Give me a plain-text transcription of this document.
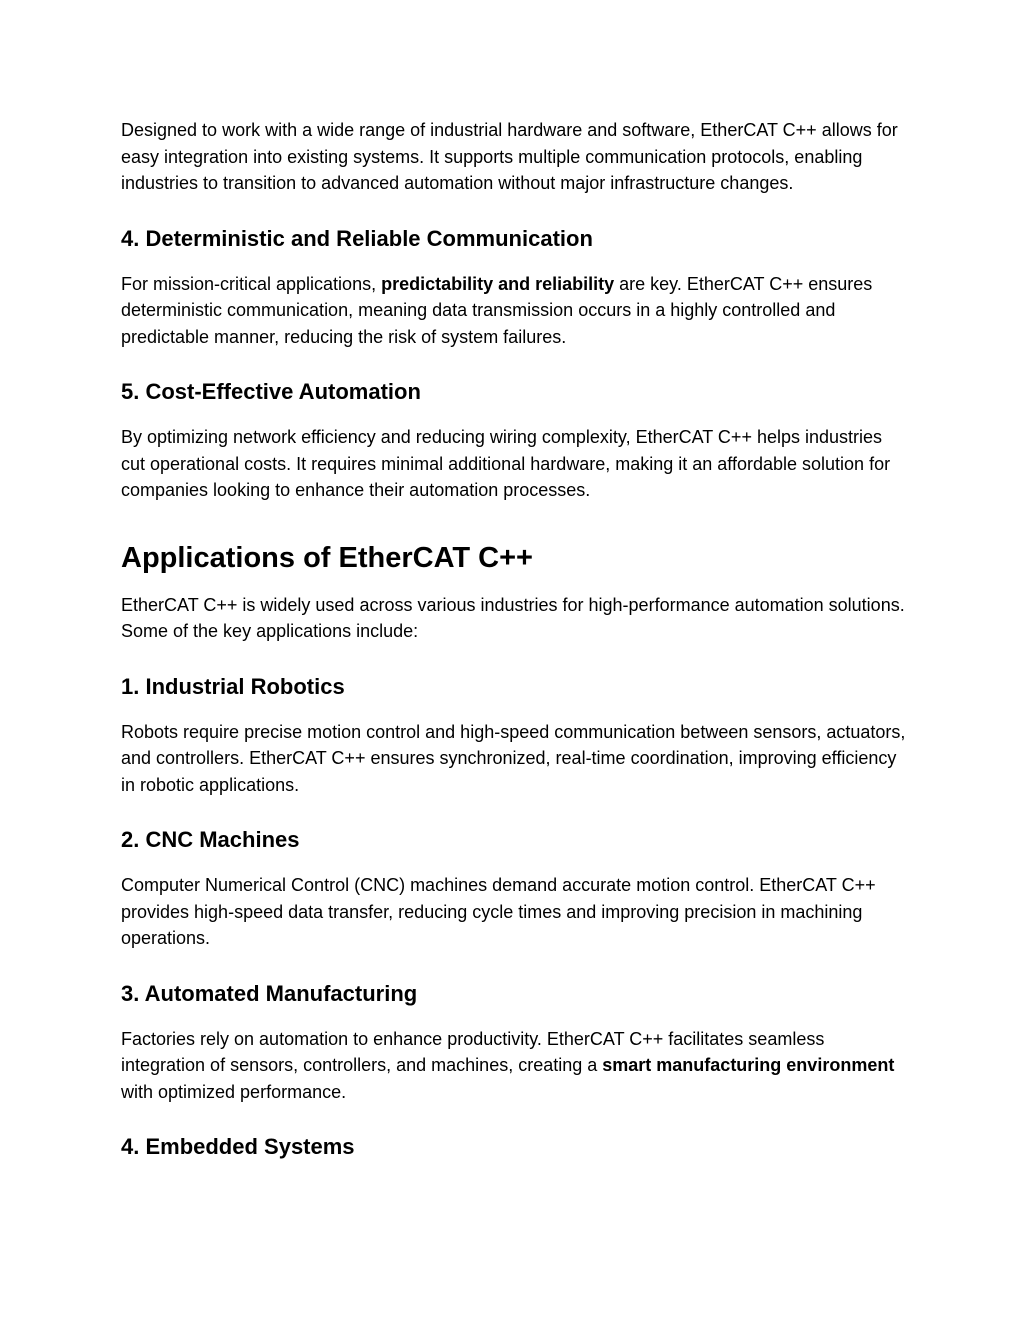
Designed to work with a wide range of industrial hardware and software, EtherCAT C++ allows for easy integration into existing systems. It supports multiple communication protocols, enabling industries to transition to advanced automation without major infrastructure changes.

4. Deterministic and Reliable Communication

For mission-critical applications, predictability and reliability are key. EtherCAT C++ ensures deterministic communication, meaning data transmission occurs in a highly controlled and predictable manner, reducing the risk of system failures.

5. Cost-Effective Automation

By optimizing network efficiency and reducing wiring complexity, EtherCAT C++ helps industries cut operational costs. It requires minimal additional hardware, making it an affordable solution for companies looking to enhance their automation processes.

Applications of EtherCAT C++

EtherCAT C++ is widely used across various industries for high-performance automation solutions. Some of the key applications include:

1. Industrial Robotics

Robots require precise motion control and high-speed communication between sensors, actuators, and controllers. EtherCAT C++ ensures synchronized, real-time coordination, improving efficiency in robotic applications.

2. CNC Machines

Computer Numerical Control (CNC) machines demand accurate motion control. EtherCAT C++ provides high-speed data transfer, reducing cycle times and improving precision in machining operations.

3. Automated Manufacturing

Factories rely on automation to enhance productivity. EtherCAT C++ facilitates seamless integration of sensors, controllers, and machines, creating a smart manufacturing environment with optimized performance.

4. Embedded Systems
